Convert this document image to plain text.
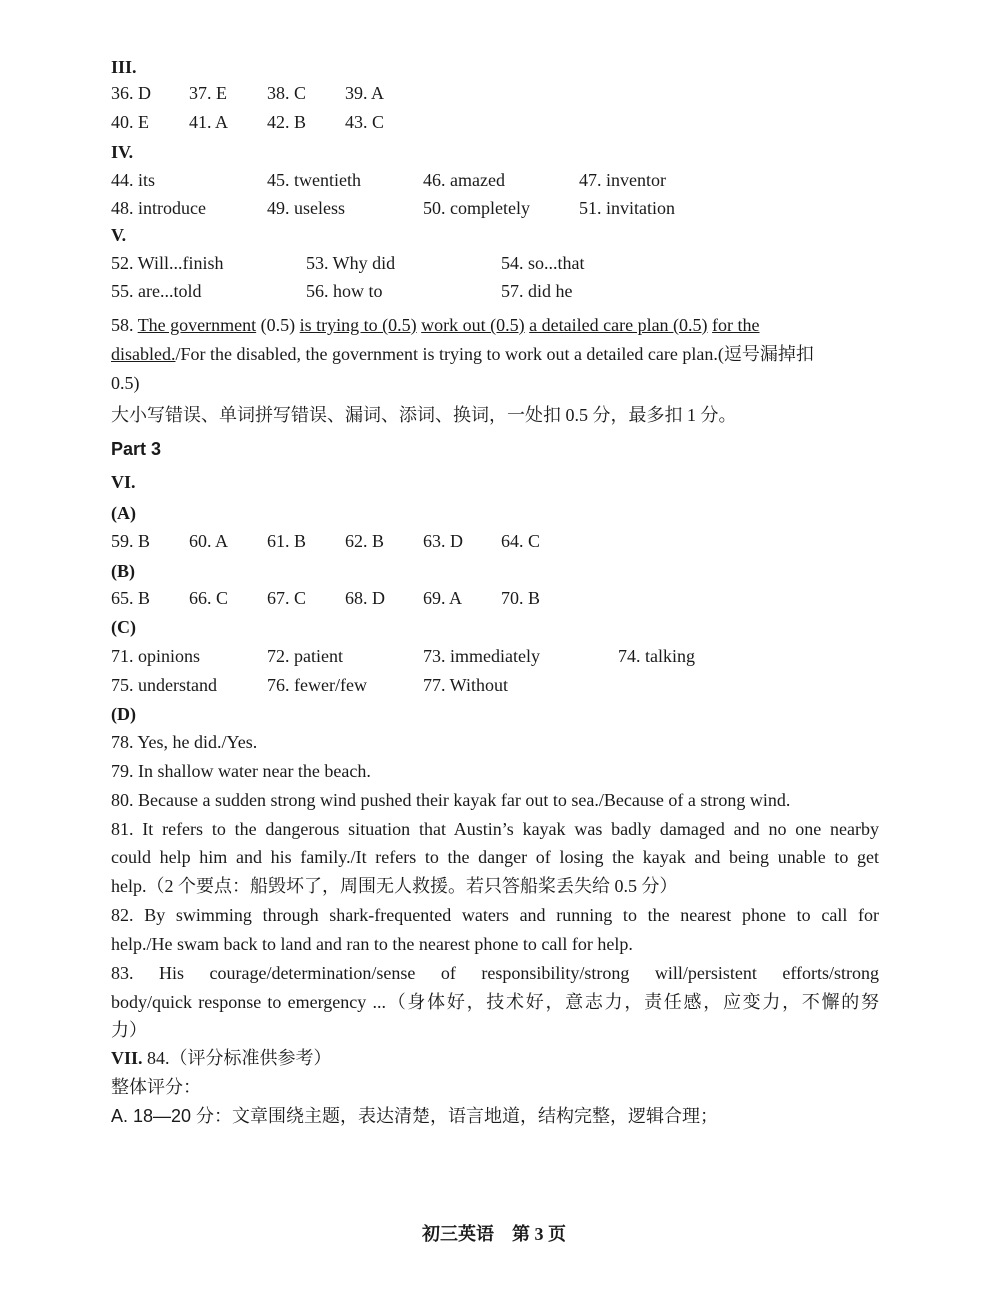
III.
36. D 37. E 38. C 39. A
40. E 41. A 42. B 43. C
IV.
44. its	45. twentieth	46. amazed	47. inventor
48. introduce	49. useless	50. completely	51. invitation
V.
52. Will...finish	53. Why did	54. so...that
55. are...told	56. how to	57. did he
58. The government (0.5) is trying to (0.5) work out (0.5) a detailed care plan (0.5) for the
disabled./For the disabled, the government is trying to work out a detailed care plan.(逗号漏掉扣
0.5)
大小写错误、单词拼写错误、漏词、添词、换词，一处扣 0.5 分，最多扣 1 分。
Part 3
VI.
(A)
59. B 60. A 61. B 62. B 63. D 64. C
(B)
65. B 66. C 67. C 68. D 69. A 70. B
(C)
71. opinions	72. patient	73. immediately	74. talking
75. understand	76. fewer/few	77. Without
(D)
78. Yes, he did./Yes.
79. In shallow water near the beach.
80. Because a sudden strong wind pushed their kayak far out to sea./Because of a strong wind.
81. It refers to the dangerous situation that Austin’s kayak was badly damaged and no one nearby
could help him and his family./It refers to the danger of losing the kayak and being unable to get
help.（2 个要点：船毁坏了，周围无人救援。若只答船桨丢失给 0.5 分）
82. By swimming through shark-frequented waters and running to the nearest phone to call for
help./He swam back to land and ran to the nearest phone to call for help.
83. His courage/determination/sense of responsibility/strong will/persistent efforts/strong
body/quick response to emergency ...（身体好，技术好，意志力，责任感，应变力，不懈的努
力）
VII. 84.（评分标准供参考）
整体评分：
A. 18—20 分：文章围绕主题，表达清楚，语言地道，结构完整，逻辑合理；
初三英语　第 3 页
